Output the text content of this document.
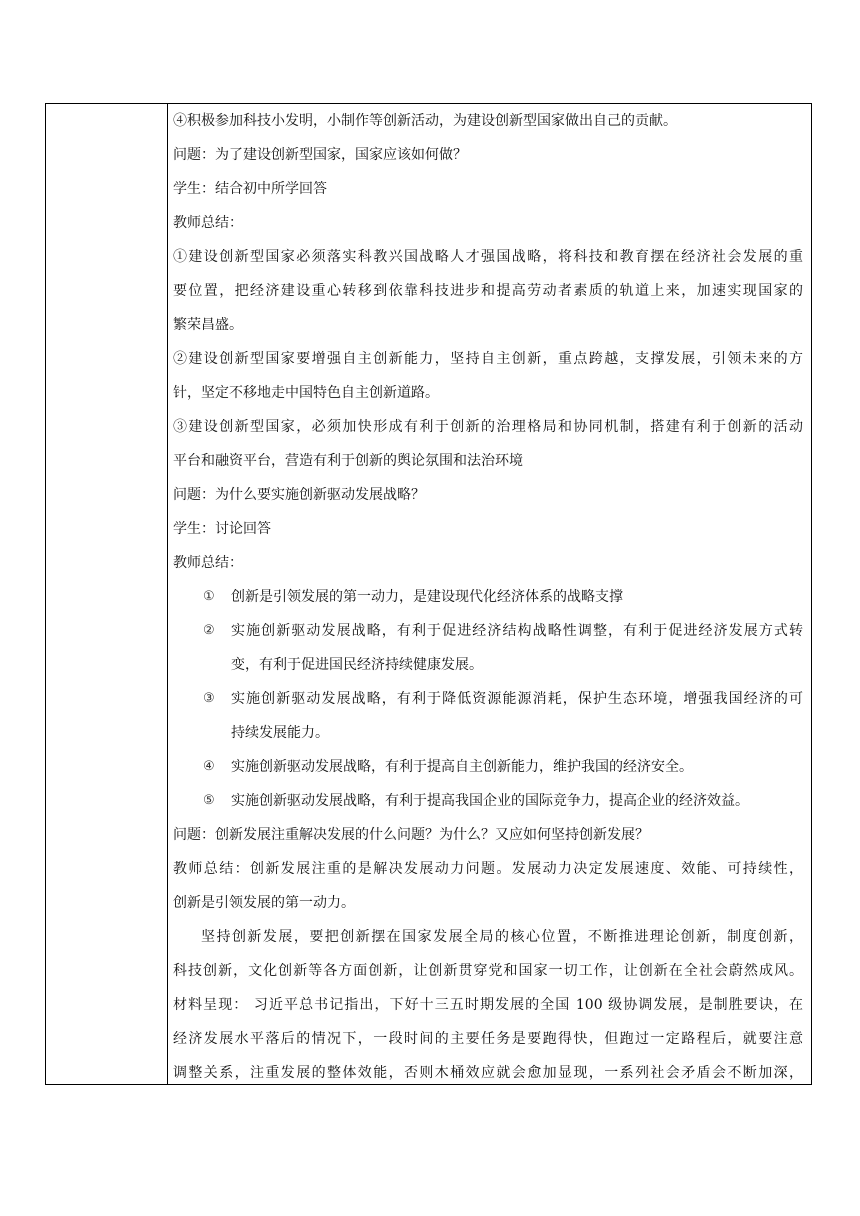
④积极参加科技小发明，小制作等创新活动，为建设创新型国家做出自己的贡献。
问题：为了建设创新型国家，国家应该如何做？
学生：结合初中所学回答
教师总结：
①建设创新型国家必须落实科教兴国战略人才强国战略，将科技和教育摆在经济社会发展的重
要位置，把经济建设重心转移到依靠科技进步和提高劳动者素质的轨道上来，加速实现国家的
繁荣昌盛。
②建设创新型国家要增强自主创新能力，坚持自主创新，重点跨越，支撑发展，引领未来的方
针，坚定不移地走中国特色自主创新道路。
③建设创新型国家，必须加快形成有利于创新的治理格局和协同机制，搭建有利于创新的活动
平台和融资平台，营造有利于创新的舆论氛围和法治环境
问题：为什么要实施创新驱动发展战略？
学生：讨论回答
教师总结：
① 创新是引领发展的第一动力，是建设现代化经济体系的战略支撑
② 实施创新驱动发展战略，有利于促进经济结构战略性调整，有利于促进经济发展方式转
变，有利于促进国民经济持续健康发展。
③ 实施创新驱动发展战略，有利于降低资源能源消耗，保护生态环境，增强我国经济的可
持续发展能力。
④ 实施创新驱动发展战略，有利于提高自主创新能力，维护我国的经济安全。
⑤ 实施创新驱动发展战略，有利于提高我国企业的国际竞争力，提高企业的经济效益。
问题：创新发展注重解决发展的什么问题？为什么？又应如何坚持创新发展？
教师总结：创新发展注重的是解决发展动力问题。发展动力决定发展速度、效能、可持续性，
创新是引领发展的第一动力。
坚持创新发展，要把创新摆在国家发展全局的核心位置，不断推进理论创新，制度创新，
科技创新，文化创新等各方面创新，让创新贯穿党和国家一切工作，让创新在全社会蔚然成风。
材料呈现： 习近平总书记指出，下好十三五时期发展的全国 100 级协调发展，是制胜要诀，在
经济发展水平落后的情况下，一段时间的主要任务是要跑得快，但跑过一定路程后，就要注意
调整关系，注重发展的整体效能，否则木桶效应就会愈加显现，一系列社会矛盾会不断加深，
